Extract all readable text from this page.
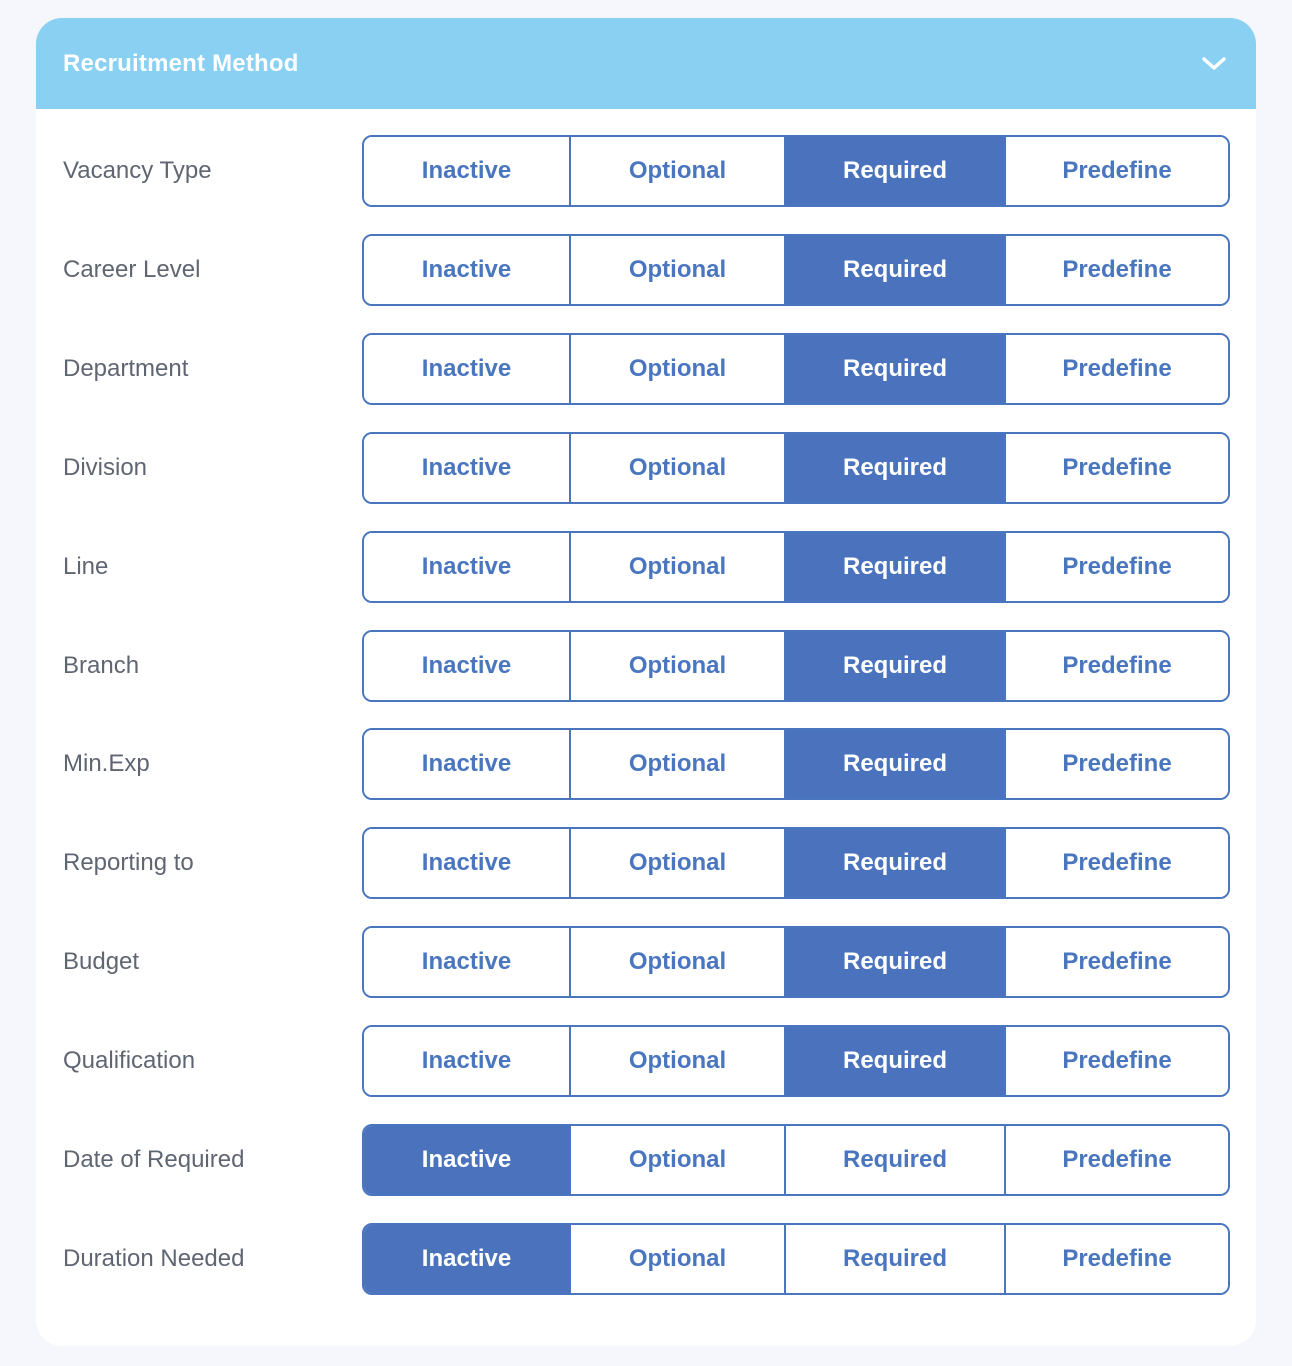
Recruitment Method
Vacancy Type	Inactive	Optional	Required	Predefine
Career Level	Inactive	Optional	Required	Predefine
Department	Inactive	Optional	Required	Predefine
Division	Inactive	Optional	Required	Predefine
Line	Inactive	Optional	Required	Predefine
Branch	Inactive	Optional	Required	Predefine
Min.Exp	Inactive	Optional	Required	Predefine
Reporting to	Inactive	Optional	Required	Predefine
Budget	Inactive	Optional	Required	Predefine
Qualification	Inactive	Optional	Required	Predefine
Date of Required	Inactive	Optional	Required	Predefine
Duration Needed	Inactive	Optional	Required	Predefine
